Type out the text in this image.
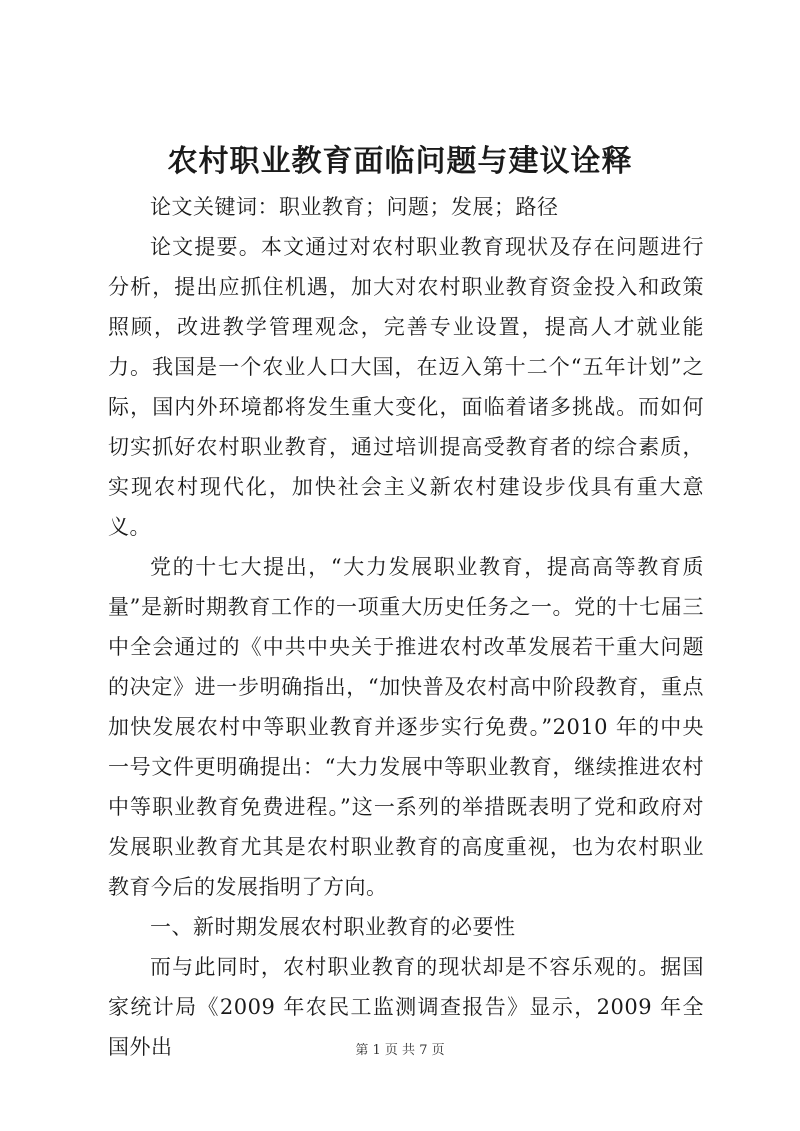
农村职业教育面临问题与建议诠释

论文关键词：职业教育；问题；发展；路径

论文提要。本文通过对农村职业教育现状及存在问题进行分析，提出应抓住机遇，加大对农村职业教育资金投入和政策照顾，改进教学管理观念，完善专业设置，提高人才就业能力。我国是一个农业人口大国，在迈入第十二个“五年计划”之际，国内外环境都将发生重大变化，面临着诸多挑战。而如何切实抓好农村职业教育，通过培训提高受教育者的综合素质，实现农村现代化，加快社会主义新农村建设步伐具有重大意义。

党的十七大提出，“大力发展职业教育，提高高等教育质量”是新时期教育工作的一项重大历史任务之一。党的十七届三中全会通过的《中共中央关于推进农村改革发展若干重大问题的决定》进一步明确指出，“加快普及农村高中阶段教育，重点加快发展农村中等职业教育并逐步实行免费。”2010 年的中央一号文件更明确提出：“大力发展中等职业教育，继续推进农村中等职业教育免费进程。”这一系列的举措既表明了党和政府对发展职业教育尤其是农村职业教育的高度重视，也为农村职业教育今后的发展指明了方向。

一、新时期发展农村职业教育的必要性

而与此同时，农村职业教育的现状却是不容乐观的。据国家统计局《2009 年农民工监测调查报告》显示，2009 年全国外出	第 1 页 共 7 页
